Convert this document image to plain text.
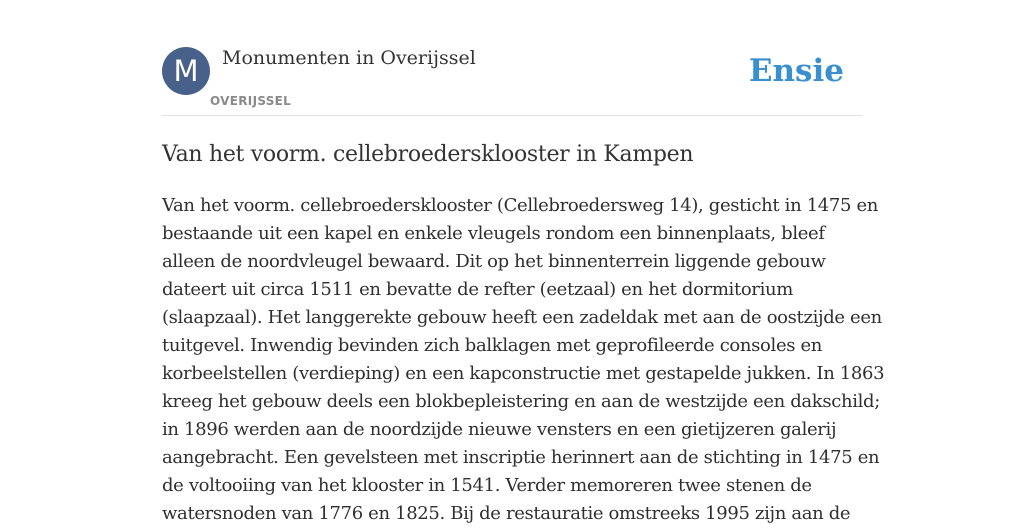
M	Monumenten in Overijssel
OVERIJSSEL
Ensie
Van het voorm. cellebroedersklooster in Kampen
Van het voorm. cellebroedersklooster (Cellebroedersweg 14), gesticht in 1475 en
bestaande uit een kapel en enkele vleugels rondom een binnenplaats, bleef
alleen de noordvleugel bewaard. Dit op het binnenterrein liggende gebouw
dateert uit circa 1511 en bevatte de refter (eetzaal) en het dormitorium
(slaapzaal). Het langgerekte gebouw heeft een zadeldak met aan de oostzijde een
tuitgevel. Inwendig bevinden zich balklagen met geprofileerde consoles en
korbeelstellen (verdieping) en een kapconstructie met gestapelde jukken. In 1863
kreeg het gebouw deels een blokbepleistering en aan de westzijde een dakschild;
in 1896 werden aan de noordzijde nieuwe vensters en een gietijzeren galerij
aangebracht. Een gevelsteen met inscriptie herinnert aan de stichting in 1475 en
de voltooiing van het klooster in 1541. Verder memoreren twee stenen de
watersnoden van 1776 en 1825. Bij de restauratie omstreeks 1995 zijn aan de
